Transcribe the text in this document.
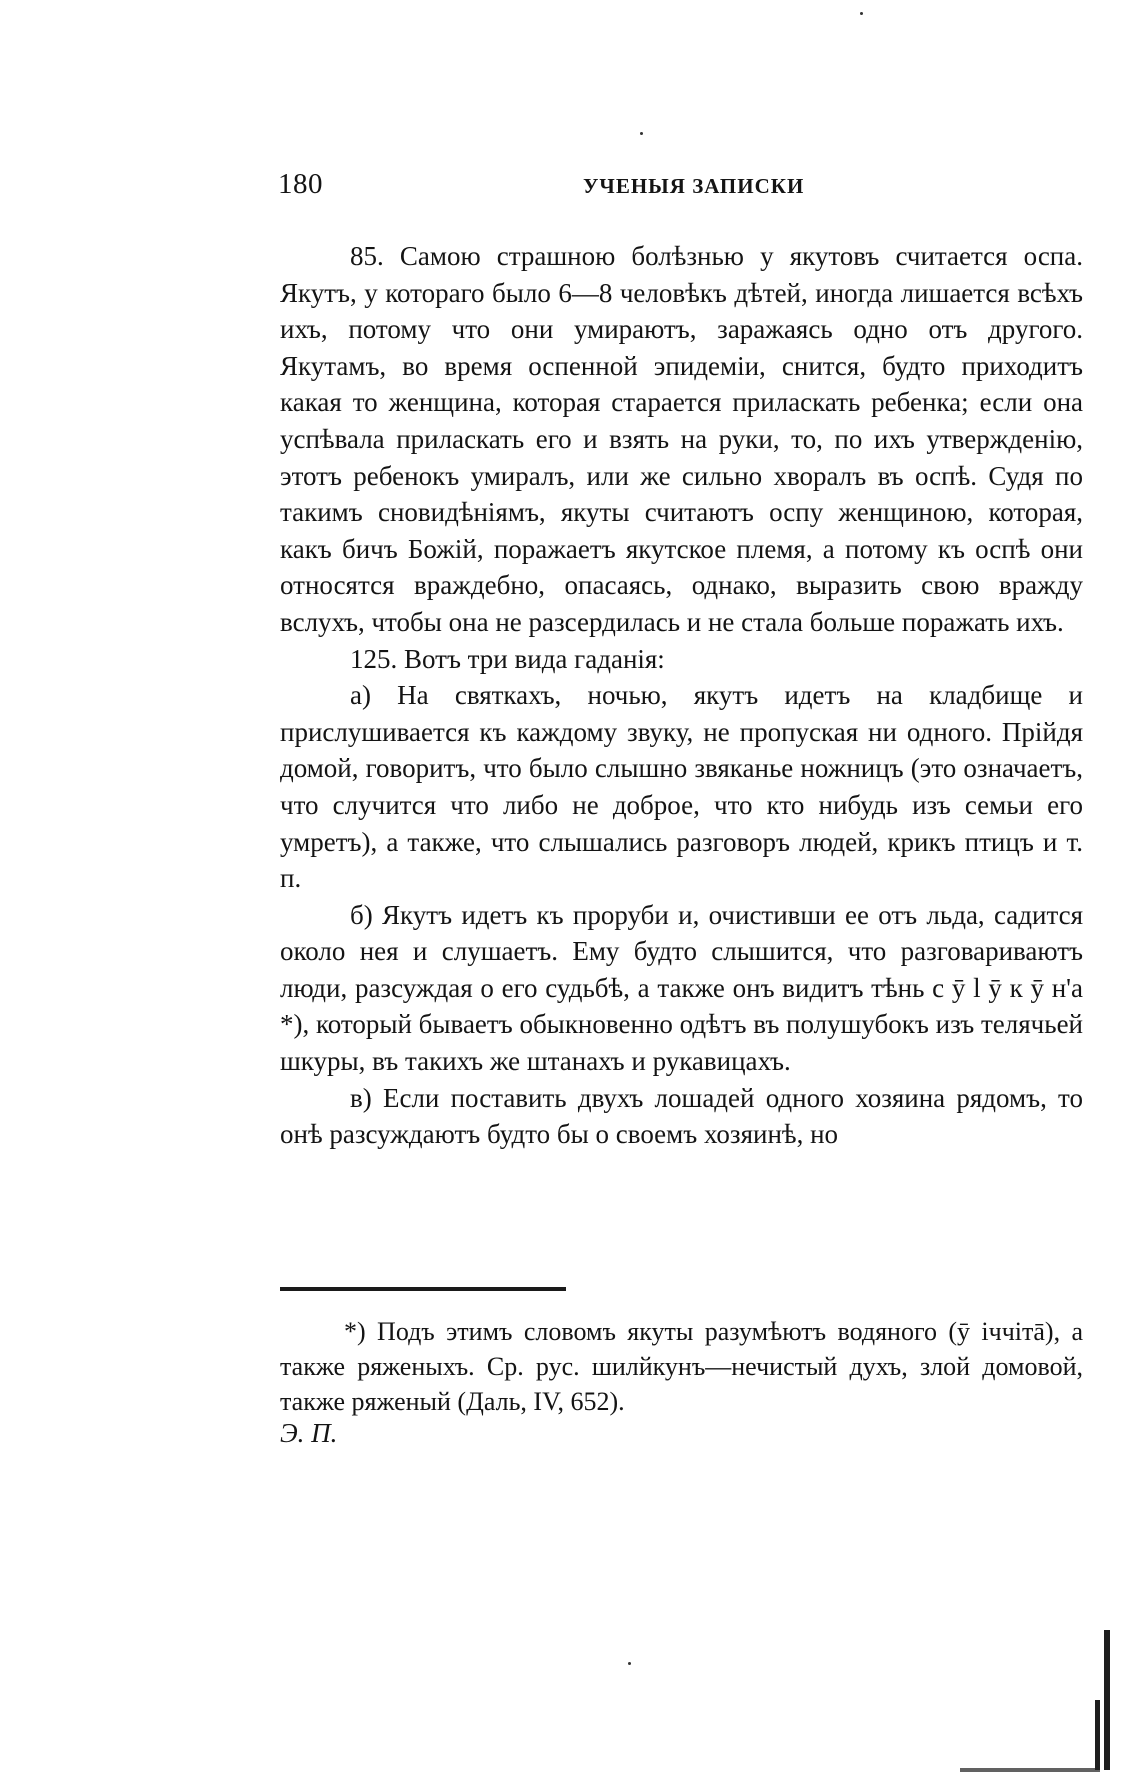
180	УЧЕНЫЯ ЗАПИСКИ

85. Самою страшною болѣзнью у якутовъ считается оспа. Якутъ, у котораго было 6—8 человѣкъ дѣтей, иногда лишается всѣхъ ихъ, потому что они умираютъ, заражаясь одно отъ другого. Якутамъ, во время оспенной эпидеміи, снится, будто приходитъ какая то женщина, которая старается приласкать ребенка; если она успѣвала приласкать его и взять на руки, то, по ихъ утвержденію, этотъ ребенокъ умиралъ, или же сильно хворалъ въ оспѣ. Судя по такимъ сновидѣніямъ, якуты считаютъ оспу женщиною, которая, какъ бичъ Божій, поражаетъ якутское племя, а потому къ оспѣ они относятся враждебно, опасаясь, однако, выразить свою вражду вслухъ, чтобы она не разсердилась и не стала больше поражать ихъ.

125. Вотъ три вида гаданія:

а) На святкахъ, ночью, якутъ идетъ на кладбище и прислушивается къ каждому звуку, не пропуская ни одного. Прійдя домой, говоритъ, что было слышно звяканье ножницъ (это означаетъ, что случится что либо не доброе, что кто нибудь изъ семьи его умретъ), а также, что слышались разговоръ людей, крикъ птицъ и т. п.

б) Якутъ идетъ къ проруби и, очистивши ее отъ льда, садится около нея и слушаетъ. Ему будто слышится, что разговариваютъ люди, разсуждая о его судьбѣ, а также онъ видитъ тѣнь с ӯ l ӯ к ӯ н'а *), который бываетъ обыкновенно одѣтъ въ полушубокъ изъ телячьей шкуры, въ такихъ же штанахъ и рукавицахъ.

в) Если поставить двухъ лошадей одного хозяина рядомъ, то онѣ разсуждаютъ будто бы о своемъ хозяинѣ, но

*) Подъ этимъ словомъ якуты разумѣютъ водяного (ӯ іччітā), а также ряженыхъ. Ср. рус. шилйкунъ—нечистый духъ, злой домовой, также ряженый (Даль, IV, 652).

Э. П.
